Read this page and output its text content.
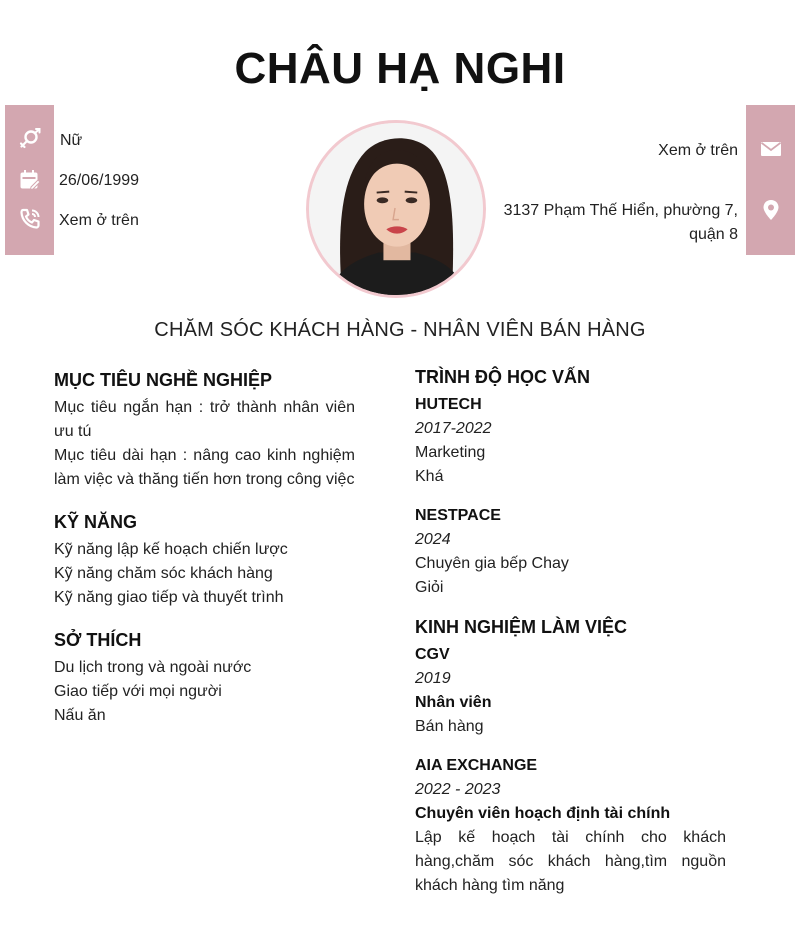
CHÂU HẠ NGHI
Nữ
26/06/1999
Xem ở trên
Xem ở trên
3137 Phạm Thế Hiển, phường 7,
quận 8
CHĂM SÓC KHÁCH HÀNG - NHÂN VIÊN BÁN HÀNG
MỤC TIÊU NGHỀ NGHIỆP
Mục tiêu ngắn hạn : trở thành nhân viên ưu tú
Mục tiêu dài hạn : nâng cao kinh nghiệm làm việc và thăng tiến hơn trong công việc
KỸ NĂNG
Kỹ năng lập kế hoạch chiến lược
Kỹ năng chăm sóc khách hàng
Kỹ năng giao tiếp và thuyết trình
SỞ THÍCH
Du lịch trong và ngoài nước
Giao tiếp với mọi người
Nấu ăn
TRÌNH ĐỘ HỌC VẤN
HUTECH
2017-2022
Marketing
Khá
NESTPACE
2024
Chuyên gia bếp Chay
Giỏi
KINH NGHIỆM LÀM VIỆC
CGV
2019
Nhân viên
Bán hàng
AIA EXCHANGE
2022 - 2023
Chuyên viên hoạch định tài chính
Lập kế hoạch tài chính cho khách hàng,chăm sóc khách hàng,tìm nguồn khách hàng tìm năng
